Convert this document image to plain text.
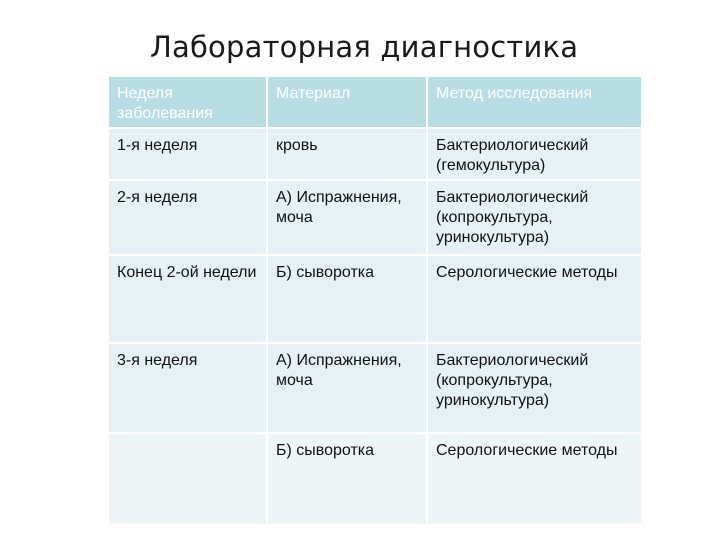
Лабораторная диагностика
Неделя заболевания	Материал	Метод исследования
1-я неделя	кровь	Бактериологический (гемокультура)
2-я неделя	А) Испражнения, моча	Бактериологический (копрокультура, уринокультура)
Конец 2-ой недели	Б) сыворотка	Серологические методы
3-я неделя	А) Испражнения, моча	Бактериологический (копрокультура, уринокультура)
	Б) сыворотка	Серологические методы
